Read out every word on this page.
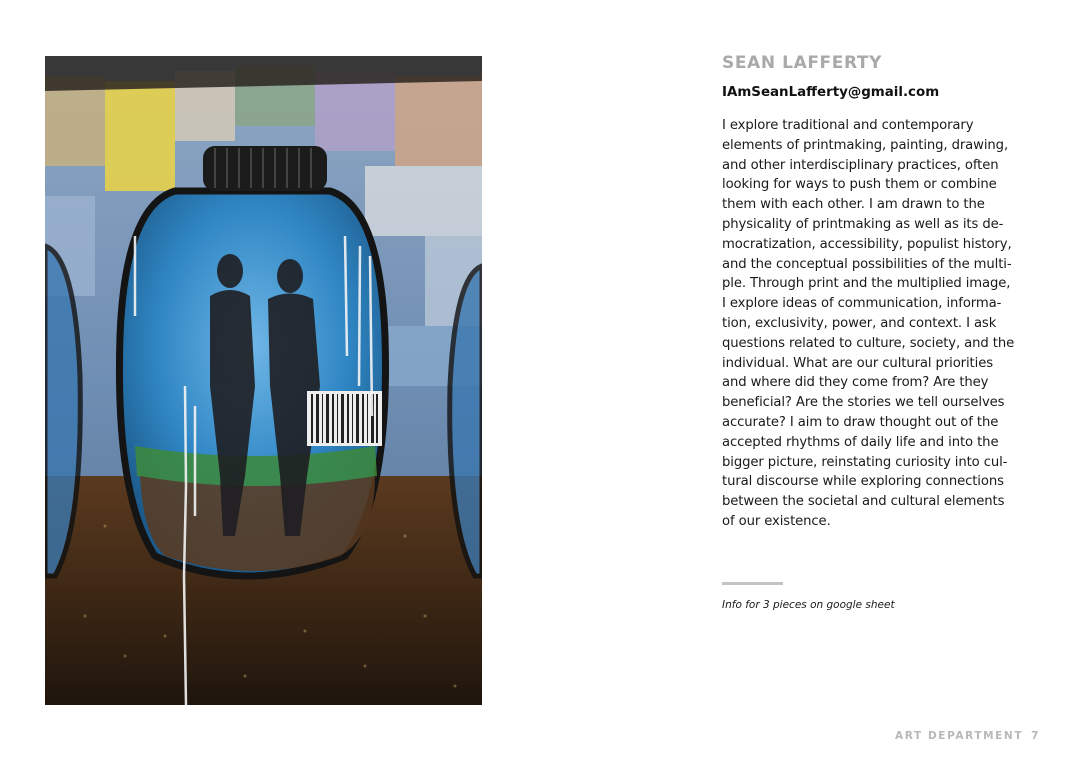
SEAN LAFFERTY

IAmSeanLafferty@gmail.com

I explore traditional and contemporary
elements of printmaking, painting, drawing,
and other interdisciplinary practices, often
looking for ways to push them or combine
them with each other. I am drawn to the
physicality of printmaking as well as its de-
mocratization, accessibility, populist history,
and the conceptual possibilities of the multi-
ple. Through print and the multiplied image,
I explore ideas of communication, informa-
tion, exclusivity, power, and context. I ask
questions related to culture, society, and the
individual. What are our cultural priorities
and where did they come from? Are they
beneficial? Are the stories we tell ourselves
accurate? I aim to draw thought out of the
accepted rhythms of daily life and into the
bigger picture, reinstating curiosity into cul-
tural discourse while exploring connections
between the societal and cultural elements
of our existence.

Info for 3 pieces on google sheet

ART DEPARTMENT 7
